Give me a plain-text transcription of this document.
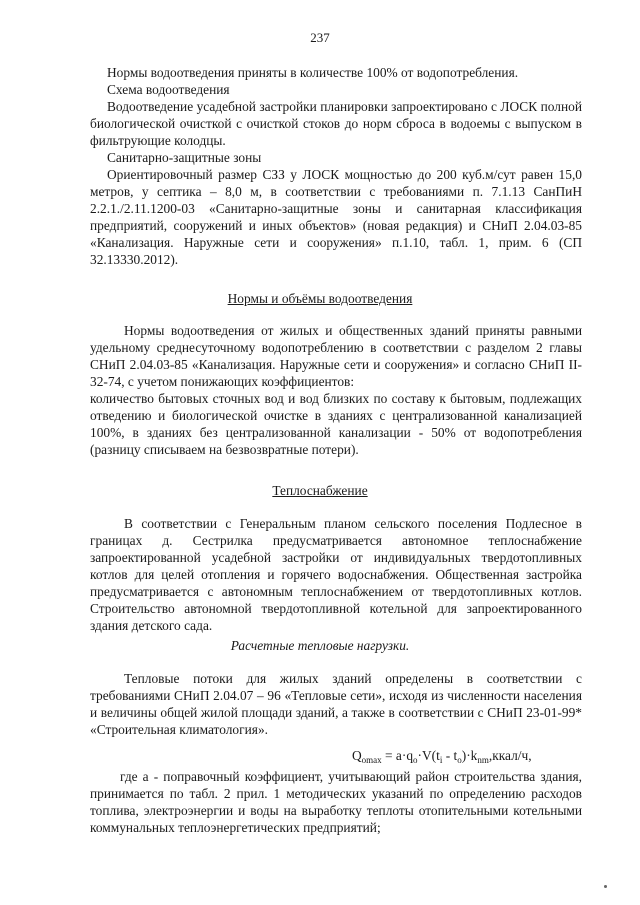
237

Нормы водоотведения приняты в количестве 100% от водопотребления.

Схема водоотведения

Водоотведение усадебной застройки планировки запроектировано с ЛОСК полной биологической очисткой с очисткой стоков до норм сброса в водоемы с выпуском в фильтрующие колодцы.

Санитарно-защитные зоны

Ориентировочный размер СЗЗ у ЛОСК мощностью до 200 куб.м/сут равен 15,0 метров, у септика – 8,0 м, в соответствии с требованиями п. 7.1.13 СанПиН 2.2.1./2.11.1200-03 «Санитарно-защитные зоны и санитарная классификация предприятий, сооружений и иных объектов» (новая редакция) и СНиП 2.04.03-85 «Канализация. Наружные сети и сооружения» п.1.10, табл. 1, прим. 6 (СП 32.13330.2012).

Нормы и объёмы водоотведения

Нормы водоотведения от жилых и общественных зданий приняты равными удельному среднесуточному водопотреблению в соответствии с разделом 2 главы СНиП 2.04.03-85 «Канализация. Наружные сети и сооружения» и согласно СНиП II-32-74, с учетом понижающих коэффициентов:

количество бытовых сточных вод и вод близких по составу к бытовым, подлежащих отведению и биологической очистке в зданиях с централизованной канализацией 100%, в зданиях без централизованной канализации - 50% от водопотребления (разницу списываем на безвозвратные потери).

Теплоснабжение

В соответствии с Генеральным планом сельского поселения Подлесное в границах д. Сестрилка предусматривается автономное теплоснабжение запроектированной усадебной застройки от индивидуальных твердотопливных котлов для целей отопления и горячего водоснабжения. Общественная застройка предусматривается с автономным теплоснабжением от твердотопливных котлов. Строительство автономной твердотопливной котельной для запроектированного здания детского сада.

Расчетные тепловые нагрузки.

Тепловые потоки для жилых зданий определены в соответствии с требованиями СНиП 2.04.07 – 96 «Тепловые сети», исходя из численности населения и величины общей жилой площади зданий, а также в соответствии с СНиП 23-01-99* «Строительная климатология».

$Q_{omax} = a\cdot q_o\cdot V(t_i$ - $t_o)\cdot k_{nm},ккал/ч$,

где а - поправочный коэффициент, учитывающий район строительства здания, принимается по табл. 2 прил. 1 методических указаний по определению расходов топлива, электроэнергии и воды на выработку теплоты отопительными котельными коммунальных теплоэнергетических предприятий;
